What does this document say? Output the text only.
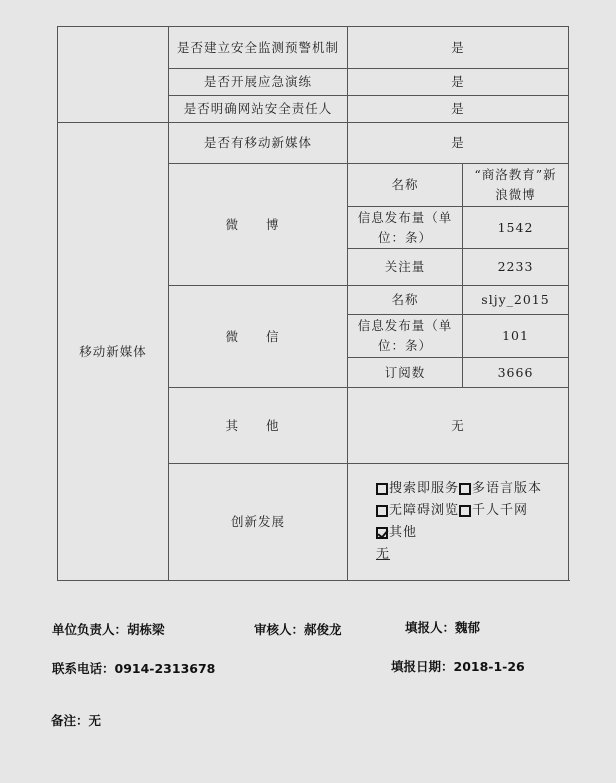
	是否建立安全监测预警机制	是	
	是否开展应急演练	是	
	是否明确网站安全责任人	是	
移动新媒体	是否有移动新媒体	是	
	微 博	名称	“商洛教育”新浪微博
		信息发布量（单位：条）	1542
		关注量	2233
	微 信	名称	sljy_2015
		信息发布量（单位：条）	101
		订阅数	3666
	其 他	无	
	创新发展	搜索即服务 多语言版本无障碍浏览 千人千网其他
无	
单位负责人：胡栋梁	审核人：郝俊龙	填报人：魏郁
联系电话：0914-2313678	填报日期：2018-1-26
备注：无
